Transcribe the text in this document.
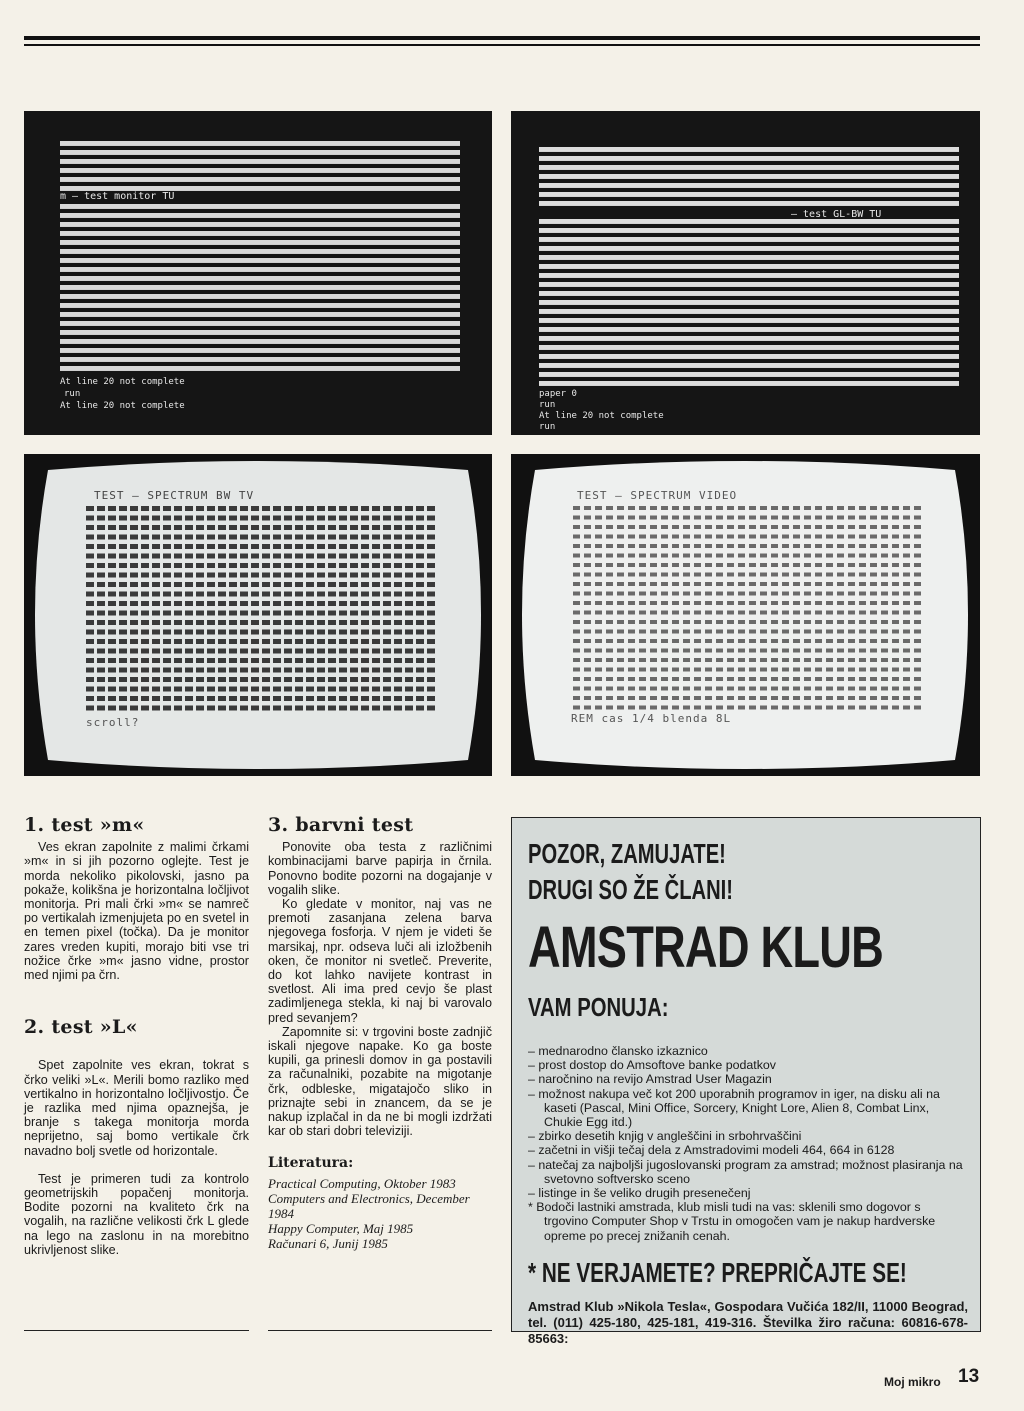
m — test monitor TU
At line 20 not complete
run
At line 20 not complete
— test GL-BW TU
paper 0
run
At line 20 not complete
run
TEST – SPECTRUM BW TV
scroll?
TEST – SPECTRUM VIDEO
REM cas 1/4 blenda 8L
1. test »m«

Ves ekran zapolnite z malimi črkami »m« in si jih pozorno oglejte. Test je morda nekoliko pikolovski, jasno pa pokaže, kolikšna je horizontalna ločljivot monitorja. Pri mali črki »m« se namreč po vertikalah izmenjujeta po en svetel in en temen pixel (točka). Da je monitor zares vreden kupiti, morajo biti vse tri nožice črke »m« jasno vidne, prostor med njimi pa črn.

2. test »L«

Spet zapolnite ves ekran, tokrat s črko veliki »L«. Merili bomo razliko med vertikalno in horizontalno ločljivostjo. Če je razlika med njima opaznejša, je branje s takega monitorja morda neprijetno, saj bomo vertikale črk navadno bolj svetle od horizontale.

Test je primeren tudi za kontrolo geometrijskih popačenj monitorja. Bodite pozorni na kvaliteto črk na vogalih, na različne velikosti črk L glede na lego na zaslonu in na morebitno ukrivljenost slike.

3. barvni test

Ponovite oba testa z različnimi kombinacijami barve papirja in črnila. Ponovno bodite pozorni na dogajanje v vogalih slike.

Ko gledate v monitor, naj vas ne premoti zasanjana zelena barva njegovega fosforja. V njem je videti še marsikaj, npr. odseva luči ali izložbenih oken, če monitor ni svetleč. Preverite, do kot lahko navijete kontrast in svetlost. Ali ima pred cevjo še plast zadimljenega stekla, ki naj bi varovalo pred sevanjem?

Zapomnite si: v trgovini boste zadnjič iskali njegove napake. Ko ga boste kupili, ga prinesli domov in ga postavili za računalniki, pozabite na migotanje črk, odbleske, migatajočo sliko in priznajte sebi in znancem, da se je nakup izplačal in da ne bi mogli izdržati kar ob stari dobri televiziji.

Literatura:
Practical Computing, Oktober 1983
Computers and Electronics, December 1984
Happy Computer, Maj 1985
Računari 6, Junij 1985
POZOR, ZAMUJATE!
DRUGI SO ŽE ČLANI!
AMSTRAD KLUB
VAM PONUJA:
– mednarodno člansko izkaznico
– prost dostop do Amsoftove banke podatkov
– naročnino na revijo Amstrad User Magazin
– možnost nakupa več kot 200 uporabnih programov in iger, na disku ali na kaseti (Pascal, Mini Office, Sorcery, Knight Lore, Alien 8, Combat Linx, Chukie Egg itd.)
– zbirko desetih knjig v angleščini in srbohrvaščini
– začetni in višji tečaj dela z Amstradovimi modeli 464, 664 in 6128
– natečaj za najboljši jugoslovanski program za amstrad; možnost plasiranja na svetovno softversko sceno
– listinge in še veliko drugih presenečenj
* Bodoči lastniki amstrada, klub misli tudi na vas: sklenili smo dogovor s trgovino Computer Shop v Trstu in omogočen vam je nakup hardverske opreme po precej znižanih cenah.
* NE VERJAMETE? PREPRIČAJTE SE!
Amstrad Klub »Nikola Tesla«, Gospodara Vučića 182/II, 11000 Beograd, tel. (011) 425-180, 425-181, 419-316. Številka žiro računa: 60816-678-85663:
Moj mikro 13
